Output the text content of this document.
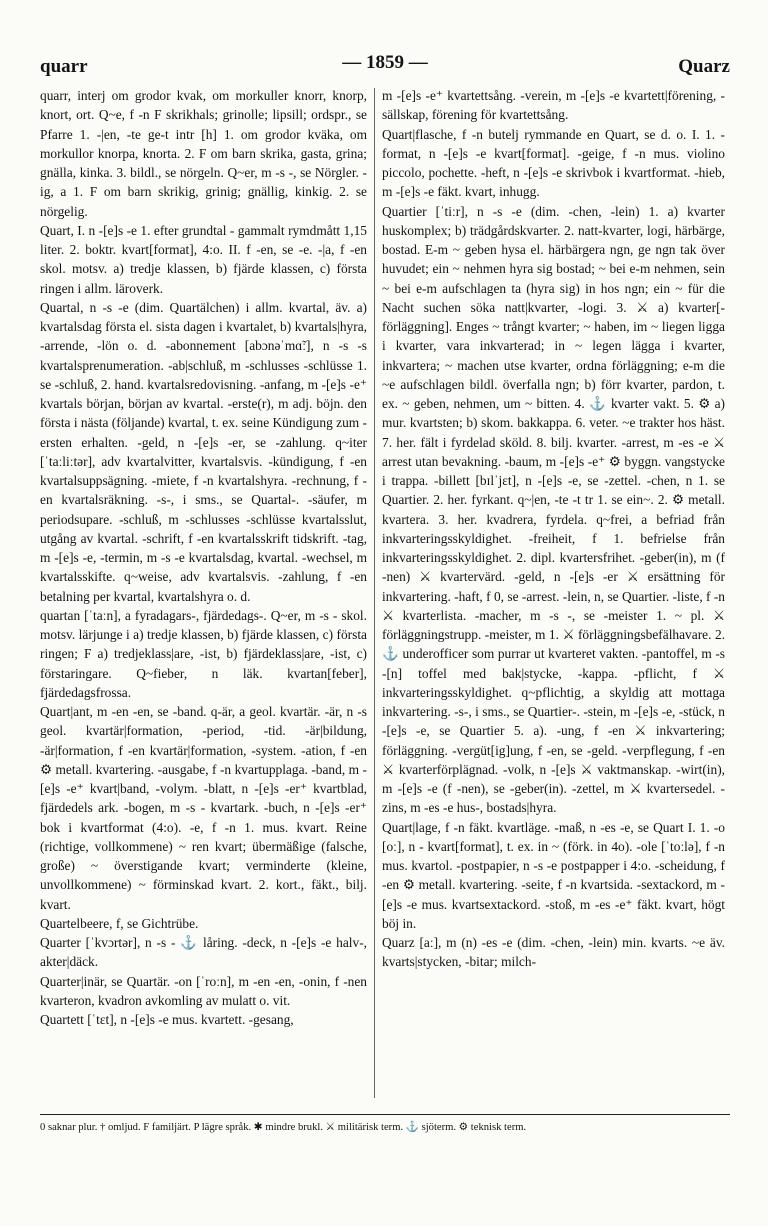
quarr	— 1859 —	Quarz

quarr, interj om grodor kvak, om morkuller knorr, knorp, knort, ort. Q~e, f -n F skrikhals; grinolle; lipsill; ordspr., se Pfarre 1. -|en, -te ge-t intr [h] 1. om grodor kväka, om morkullor knorpa, knorta. 2. F om barn skrika, gasta, grina; gnälla, kinka. 3. bildl., se nörgeln. Q~er, m -s -, se Nörgler. -ig, a 1. F om barn skrikig, grinig; gnällig, kinkig. 2. se nörgelig.

Quart, I. n -[e]s -e 1. efter grundtal - gammalt rymdmått 1,15 liter. 2. boktr. kvart[format], 4:o. II. f -en, se -e. -|a, f -en skol. motsv. a) tredje klassen, b) fjärde klassen, c) första ringen i allm. läroverk.

Quartal, n -s -e (dim. Quartälchen) i allm. kvartal, äv. a) kvartalsdag första el. sista dagen i kvartalet, b) kvartals|hyra, -arrende, -lön o. d. -abonnement [abɔnəˈmɑ̃ː], n -s -s kvartalsprenumeration. -ab|schluß, m -schlusses -schlüsse 1. se -schluß, 2. hand. kvartalsredovisning. -anfang, m -[e]s -e⁺ kvartals början, början av kvartal. -erste(r), m adj. böjn. den första i nästa (följande) kvartal, t. ex. seine Kündigung zum -ersten erhalten. -geld, n -[e]s -er, se -zahlung. q~iter [ˈtaːliːtər], adv kvartalvitter, kvartalsvis. -kündigung, f -en kvartalsuppsägning. -miete, f -n kvartalshyra. -rechnung, f -en kvartalsräkning. -s-, i sms., se Quartal-. -säufer, m periodsupare. -schluß, m -schlusses -schlüsse kvartalsslut, utgång av kvartal. -schrift, f -en kvartalsskrift tidskrift. -tag, m -[e]s -e, -termin, m -s -e kvartalsdag, kvartal. -wechsel, m kvartalsskifte. q~weise, adv kvartalsvis. -zahlung, f -en betalning per kvartal, kvartalshyra o. d.

quartan [ˈtaːn], a fyradagars-, fjärdedags-. Q~er, m -s - skol. motsv. lärjunge i a) tredje klassen, b) fjärde klassen, c) första ringen; F a) tredjeklass|are, -ist, b) fjärdeklass|are, -ist, c) förstaringare. Q~fieber, n läk. kvartan[feber], fjärdedagsfrossa.

Quart|ant, m -en -en, se -band. q-är, a geol. kvartär. -är, n -s geol. kvartär|formation, -period, -tid. -är|bildung, -är|formation, f -en kvartär|formation, -system. -ation, f -en ⚙ metall. kvartering. -ausgabe, f -n kvartupplaga. -band, m -[e]s -e⁺ kvart|band, -volym. -blatt, n -[e]s -er⁺ kvartblad, fjärdedels ark. -bogen, m -s - kvartark. -buch, n -[e]s -er⁺ bok i kvartformat (4:o). -e, f -n 1. mus. kvart. Reine (richtige, vollkommene) ~ ren kvart; übermäßige (falsche, große) ~ överstigande kvart; verminderte (kleine, unvollkommene) ~ förminskad kvart. 2. kort., fäkt., bilj. kvart.

Quartelbeere, f, se Gichtrübe.

Quarter [ˈkvɔrtər], n -s - ⚓ låring. -deck, n -[e]s -e halv-, akter|däck.

Quarter|inär, se Quartär. -on [ˈroːn], m -en -en, -onin, f -nen kvarteron, kvadron avkomling av mulatt o. vit.

Quartett [ˈtɛt], n -[e]s -e mus. kvartett. -gesang,

m -[e]s -e⁺ kvartettsång. -verein, m -[e]s -e kvartett|förening, -sällskap, förening för kvartettsång.

Quart|flasche, f -n butelj rymmande en Quart, se d. o. I. 1. -format, n -[e]s -e kvart[format]. -geige, f -n mus. violino piccolo, pochette. -heft, n -[e]s -e skrivbok i kvartformat. -hieb, m -[e]s -e fäkt. kvart, inhugg.

Quartier [ˈtiːr], n -s -e (dim. -chen, -lein) 1. a) kvarter huskomplex; b) trädgårdskvarter. 2. natt-kvarter, logi, härbärge, bostad. E-m ~ geben hysa el. härbärgera ngn, ge ngn tak över huvudet; ein ~ nehmen hyra sig bostad; ~ bei e-m nehmen, sein ~ bei e-m aufschlagen ta (hyra sig) in hos ngn; ein ~ für die Nacht suchen söka natt|kvarter, -logi. 3. ⚔ a) kvarter[-förläggning]. Enges ~ trångt kvarter; ~ haben, im ~ liegen ligga i kvarter, vara inkvarterad; in ~ legen lägga i kvarter, inkvartera; ~ machen utse kvarter, ordna förläggning; e-m die ~e aufschlagen bildl. överfalla ngn; b) förr kvarter, pardon, t. ex. ~ geben, nehmen, um ~ bitten. 4. ⚓ kvarter vakt. 5. ⚙ a) mur. kvartsten; b) skom. bakkappa. 6. veter. ~e trakter hos häst. 7. her. fält i fyrdelad sköld. 8. bilj. kvarter. -arrest, m -es -e ⚔ arrest utan bevakning. -baum, m -[e]s -e⁺ ⚙ byggn. vangstycke i trappa. -billett [bɪlˈjɛt], n -[e]s -e, se -zettel. -chen, n 1. se Quartier. 2. her. fyrkant. q~|en, -te -t tr 1. se ein~. 2. ⚙ metall. kvartera. 3. her. kvadrera, fyrdela. q~frei, a befriad från inkvarteringsskyldighet. -freiheit, f 1. befrielse från inkvarteringsskyldighet. 2. dipl. kvartersfrihet. -geber(in), m (f -nen) ⚔ kvartervärd. -geld, n -[e]s -er ⚔ ersättning för inkvartering. -haft, f 0, se -arrest. -lein, n, se Quartier. -liste, f -n ⚔ kvarterlista. -macher, m -s -, se -meister 1. ~ pl. ⚔ förläggningstrupp. -meister, m 1. ⚔ förläggningsbefälhavare. 2. ⚓ underofficer som purrar ut kvarteret vakten. -pantoffel, m -s -[n] toffel med bak|stycke, -kappa. -pflicht, f ⚔ inkvarteringsskyldighet. q~pflichtig, a skyldig att mottaga inkvartering. -s-, i sms., se Quartier-. -stein, m -[e]s -e, -stück, n -[e]s -e, se Quartier 5. a). -ung, f -en ⚔ inkvartering; förläggning. -vergüt[ig]ung, f -en, se -geld. -verpflegung, f -en ⚔ kvarterförplägnad. -volk, n -[e]s ⚔ vaktmanskap. -wirt(in), m -[e]s -e (f -nen), se -geber(in). -zettel, m ⚔ kvartersedel. -zins, m -es -e hus-, bostads|hyra.

Quart|lage, f -n fäkt. kvartläge. -maß, n -es -e, se Quart I. 1. -o [oː], n - kvart[format], t. ex. in ~ (förk. in 4o). -ole [ˈtoːlə], f -n mus. kvartol. -postpapier, n -s -e postpapper i 4:o. -scheidung, f -en ⚙ metall. kvartering. -seite, f -n kvartsida. -sextackord, m -[e]s -e mus. kvartsextackord. -stoß, m -es -e⁺ fäkt. kvart, högt böj in.

Quarz [aː], m (n) -es -e (dim. -chen, -lein) min. kvarts. ~e äv. kvarts|stycken, -bitar; milch-

0 saknar plur. † omljud. F familjärt. P lägre språk. ✱ mindre brukl. ⚔ militärisk term. ⚓ sjöterm. ⚙ teknisk term.
